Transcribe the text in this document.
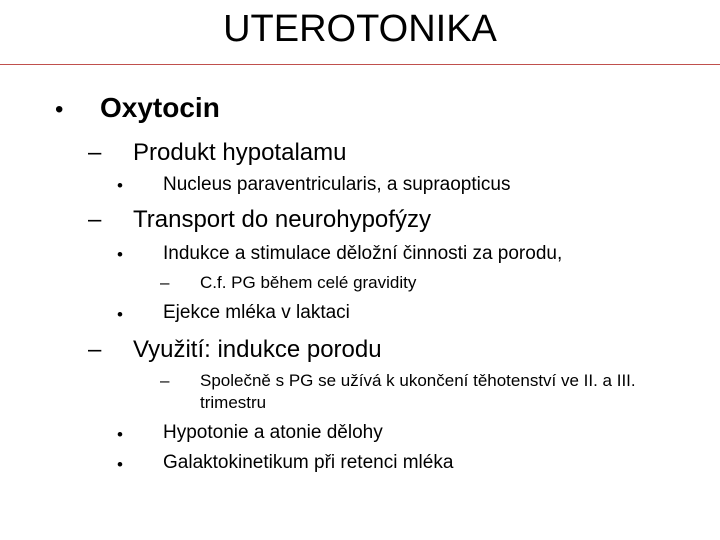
UTEROTONIKA
• Oxytocin
– Produkt hypotalamu
• Nucleus paraventricularis, a supraopticus
– Transport do neurohypofýzy
• Indukce a stimulace děložní činnosti za porodu,
– C.f. PG během celé gravidity
• Ejekce mléka v laktaci
– Využití: indukce porodu
– Společně s PG se užívá k ukončení těhotenství ve II. a III. trimestru
• Hypotonie a atonie dělohy
• Galaktokinetikum při retenci mléka
